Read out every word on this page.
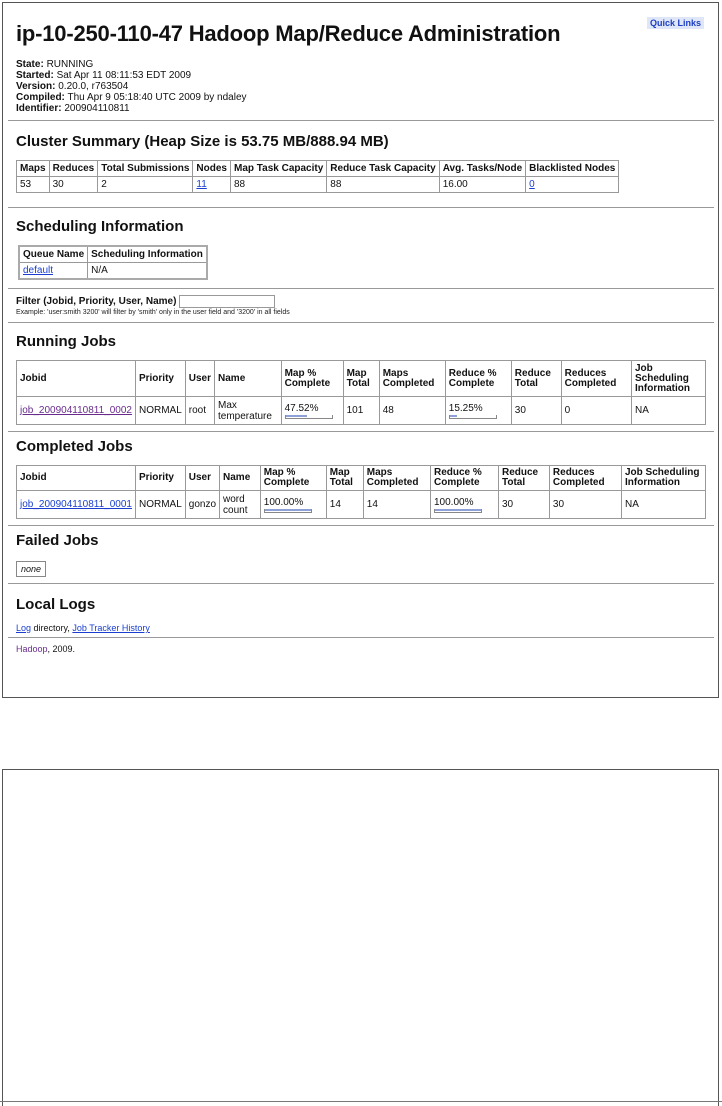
Quick Links
ip-10-250-110-47 Hadoop Map/Reduce Administration
State: RUNNING
Started: Sat Apr 11 08:11:53 EDT 2009
Version: 0.20.0, r763504
Compiled: Thu Apr 9 05:18:40 UTC 2009 by ndaley
Identifier: 200904110811
Cluster Summary (Heap Size is 53.75 MB/888.94 MB)
Maps	Reduces	Total Submissions	Nodes	Map Task Capacity	Reduce Task Capacity	Avg. Tasks/Node	Blacklisted Nodes
53	30	2	11	88	88	16.00	0
Scheduling Information
Queue Name	Scheduling Information
default	N/A
Filter (Jobid, Priority, User, Name)
Example: 'user:smith 3200' will filter by 'smith' only in the user field and '3200' in all fields
Running Jobs
Jobid	Priority	User	Name	Map % Complete	Map Total	Maps Completed	Reduce % Complete	Reduce Total	Reduces Completed	Job Scheduling Information
job_200904110811_0002	NORMAL	root	Max temperature	47.52%	101	48	15.25%	30	0	NA
Completed Jobs
Jobid	Priority	User	Name	Map % Complete	Map Total	Maps Completed	Reduce % Complete	Reduce Total	Reduces Completed	Job Scheduling Information
job_200904110811_0001	NORMAL	gonzo	word count	100.00%	14	14	100.00%	30	30	NA
Failed Jobs
none
Local Logs
Log directory, Job Tracker History
Hadoop, 2009.
